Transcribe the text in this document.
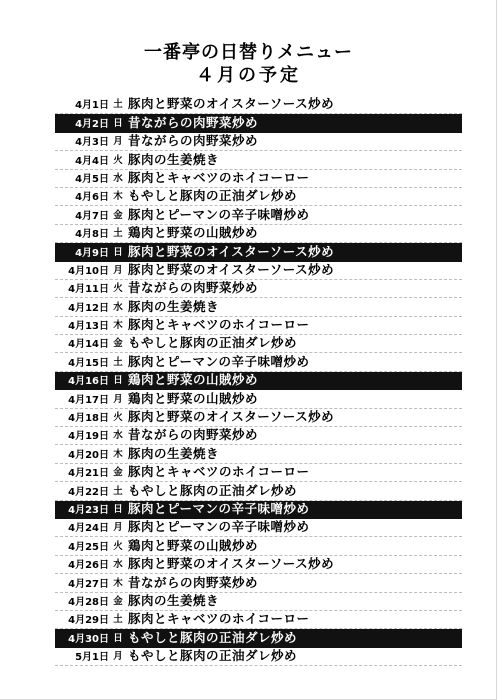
一番亭の日替りメニュー
４月の予定
4月1日 土 豚肉と野菜のオイスターソース炒め
4月2日 日 昔ながらの肉野菜炒め
4月3日 月 昔ながらの肉野菜炒め
4月4日 火 豚肉の生姜焼き
4月5日 水 豚肉とキャベツのホイコーロー
4月6日 木 もやしと豚肉の正油ダレ炒め
4月7日 金 豚肉とピーマンの辛子味噌炒め
4月8日 土 鶏肉と野菜の山賊炒め
4月9日 日 豚肉と野菜のオイスターソース炒め
4月10日 月 豚肉と野菜のオイスターソース炒め
4月11日 火 昔ながらの肉野菜炒め
4月12日 水 豚肉の生姜焼き
4月13日 木 豚肉とキャベツのホイコーロー
4月14日 金 もやしと豚肉の正油ダレ炒め
4月15日 土 豚肉とピーマンの辛子味噌炒め
4月16日 日 鶏肉と野菜の山賊炒め
4月17日 月 鶏肉と野菜の山賊炒め
4月18日 火 豚肉と野菜のオイスターソース炒め
4月19日 水 昔ながらの肉野菜炒め
4月20日 木 豚肉の生姜焼き
4月21日 金 豚肉とキャベツのホイコーロー
4月22日 土 もやしと豚肉の正油ダレ炒め
4月23日 日 豚肉とピーマンの辛子味噌炒め
4月24日 月 豚肉とピーマンの辛子味噌炒め
4月25日 火 鶏肉と野菜の山賊炒め
4月26日 水 豚肉と野菜のオイスターソース炒め
4月27日 木 昔ながらの肉野菜炒め
4月28日 金 豚肉の生姜焼き
4月29日 土 豚肉とキャベツのホイコーロー
4月30日 日 もやしと豚肉の正油ダレ炒め
5月1日 月 もやしと豚肉の正油ダレ炒め
